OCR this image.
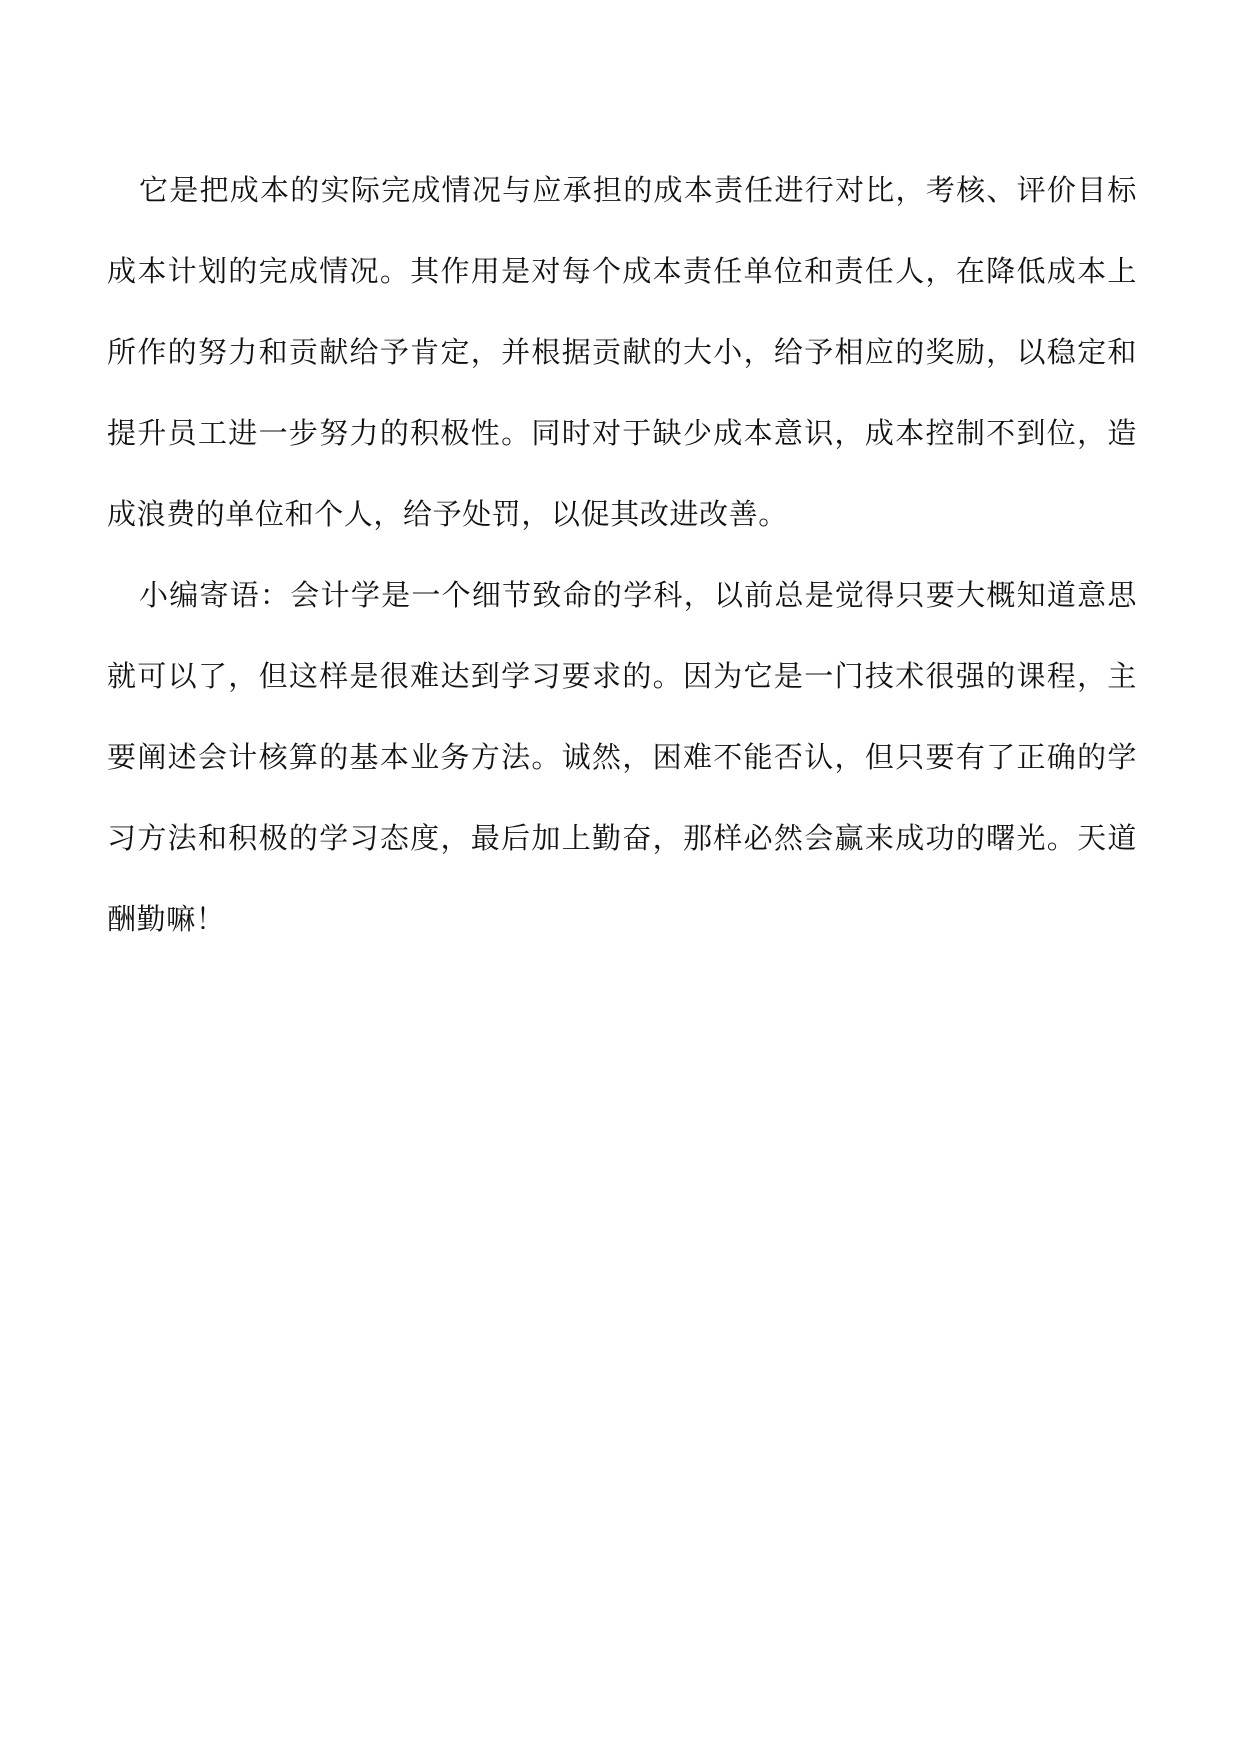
它是把成本的实际完成情况与应承担的成本责任进行对比，考核、评价目标成本计划的完成情况。其作用是对每个成本责任单位和责任人，在降低成本上所作的努力和贡献给予肯定，并根据贡献的大小，给予相应的奖励，以稳定和提升员工进一步努力的积极性。同时对于缺少成本意识，成本控制不到位，造成浪费的单位和个人，给予处罚，以促其改进改善。

小编寄语：会计学是一个细节致命的学科，以前总是觉得只要大概知道意思就可以了，但这样是很难达到学习要求的。因为它是一门技术很强的课程，主要阐述会计核算的基本业务方法。诚然，困难不能否认，但只要有了正确的学习方法和积极的学习态度，最后加上勤奋，那样必然会赢来成功的曙光。天道酬勤嘛！
